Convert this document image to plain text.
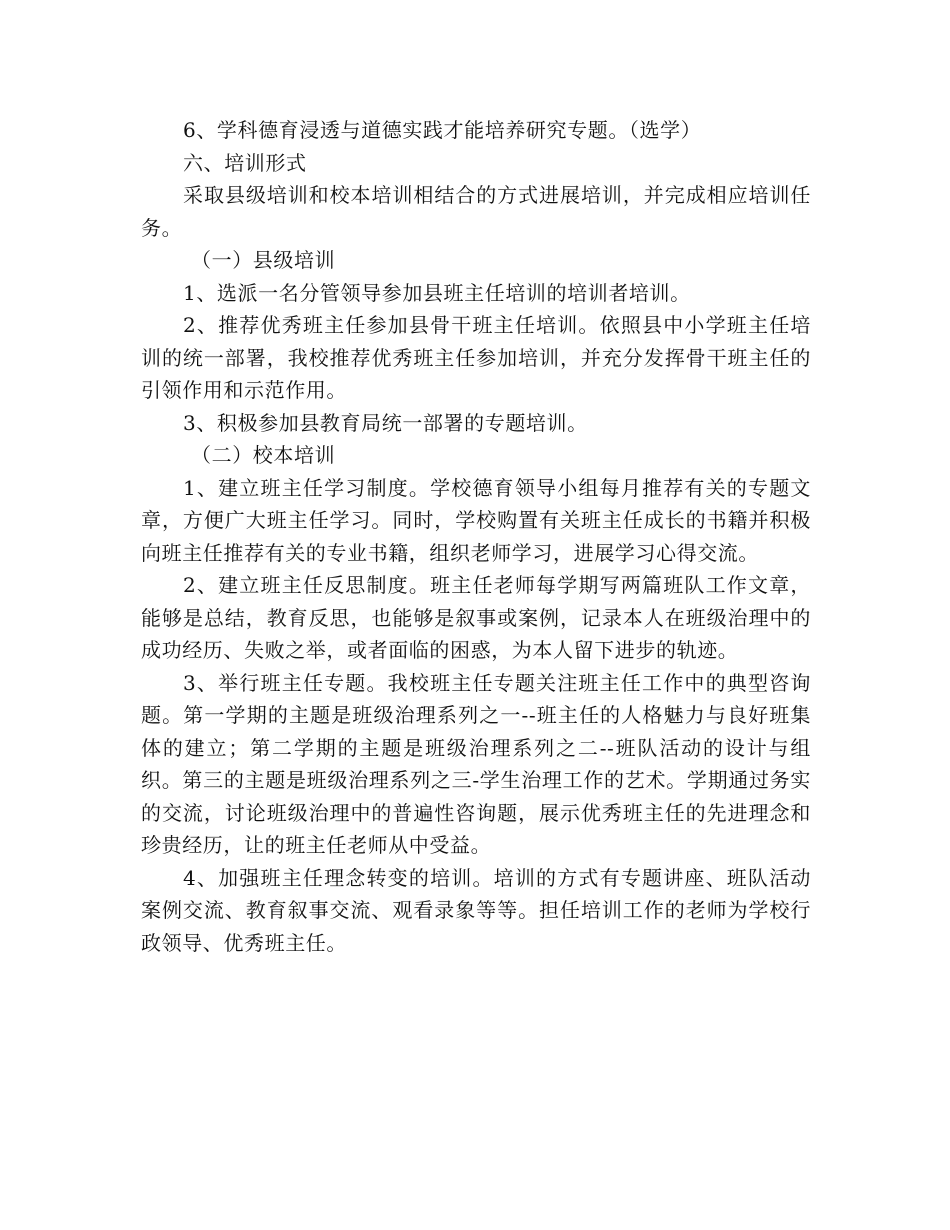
6、学科德育浸透与道德实践才能培养研究专题。（选学）

六、培训形式

采取县级培训和校本培训相结合的方式进展培训，并完成相应培训任务。

（一）县级培训

1、选派一名分管领导参加县班主任培训的培训者培训。

2、推荐优秀班主任参加县骨干班主任培训。依照县中小学班主任培训的统一部署，我校推荐优秀班主任参加培训，并充分发挥骨干班主任的引领作用和示范作用。

3、积极参加县教育局统一部署的专题培训。

（二）校本培训

1、建立班主任学习制度。学校德育领导小组每月推荐有关的专题文章，方便广大班主任学习。同时，学校购置有关班主任成长的书籍并积极向班主任推荐有关的专业书籍，组织老师学习，进展学习心得交流。

2、建立班主任反思制度。班主任老师每学期写两篇班队工作文章，能够是总结，教育反思，也能够是叙事或案例，记录本人在班级治理中的成功经历、失败之举，或者面临的困惑，为本人留下进步的轨迹。

3、举行班主任专题。我校班主任专题关注班主任工作中的典型咨询题。第一学期的主题是班级治理系列之一--班主任的人格魅力与良好班集体的建立；第二学期的主题是班级治理系列之二--班队活动的设计与组织。第三的主题是班级治理系列之三-学生治理工作的艺术。学期通过务实的交流，讨论班级治理中的普遍性咨询题，展示优秀班主任的先进理念和珍贵经历，让的班主任老师从中受益。

4、加强班主任理念转变的培训。培训的方式有专题讲座、班队活动案例交流、教育叙事交流、观看录象等等。担任培训工作的老师为学校行政领导、优秀班主任。
